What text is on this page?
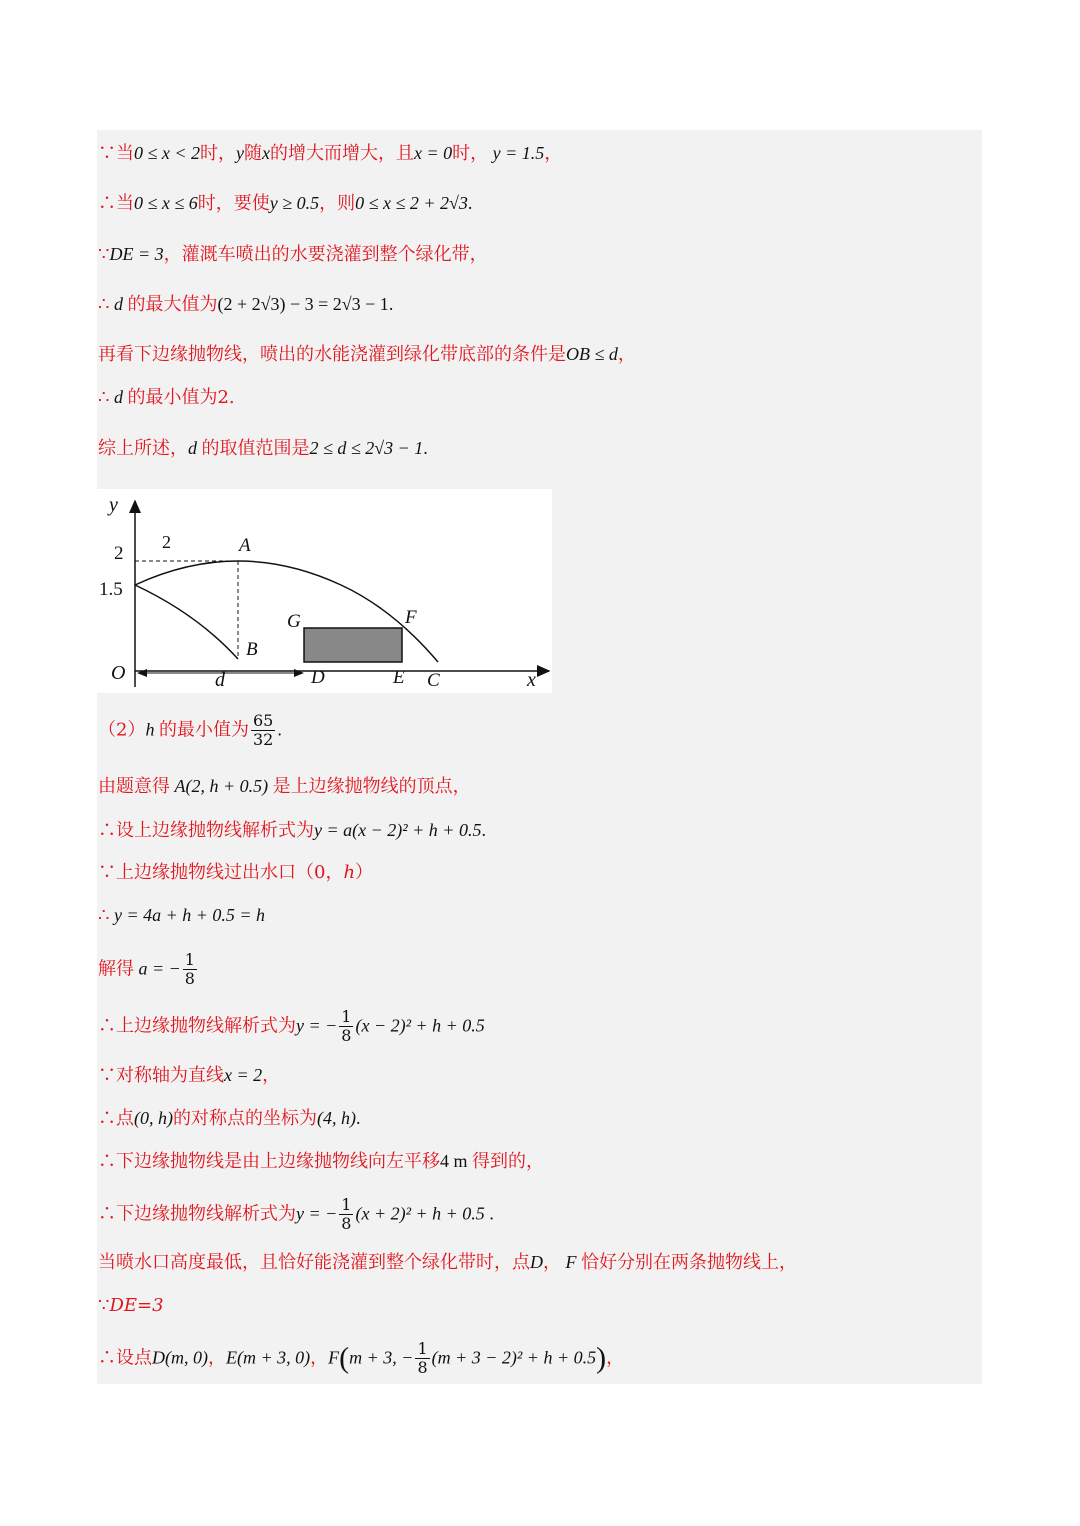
∵当0 ≤ x < 2时，y随x的增大而增大，且x = 0时， y = 1.5，
∴当0 ≤ x ≤ 6时，要使y ≥ 0.5，则0 ≤ x ≤ 2 + 2√3.
∵DE = 3，灌溉车喷出的水要浇灌到整个绿化带，
∴ d 的最大值为(2 + 2√3) − 3 = 2√3 − 1.
再看下边缘抛物线，喷出的水能浇灌到绿化带底部的条件是OB ≤ d，
∴ d 的最小值为2.
综上所述，d 的取值范围是2 ≤ d ≤ 2√3 − 1.
y
x
2
1.5
2	A
B
G	F
O	d	D	E C
（2）h 的最小值为 $\frac{65}{32}$ .
由题意得 A(2, h + 0.5) 是上边缘抛物线的顶点，
∴设上边缘抛物线解析式为y = a(x − 2)² + h + 0.5.
∵上边缘抛物线过出水口（0，h）
∴ y = 4a + h + 0.5 = h
解得 a = − $\frac{1}{8}$
∴上边缘抛物线解析式为y = − $\frac{1}{8} (x - 2)^2 + h + 0.5$
∵对称轴为直线x = 2，
∴点(0, h)的对称点的坐标为(4, h).
∴下边缘抛物线是由上边缘抛物线向左平移4 m 得到的，
∴下边缘抛物线解析式为y = − $\frac{1}{8} (x + 2)^2 + h + 0.5$ .
当喷水口高度最低，且恰好能浇灌到整个绿化带时，点D， F 恰好分别在两条抛物线上，
∵DE=3
∴设点D(m, 0)，E(m + 3, 0)，F(m + 3, − $\frac{1}{8} (m + 3 - 2)^2 + h + 0.5$)，
